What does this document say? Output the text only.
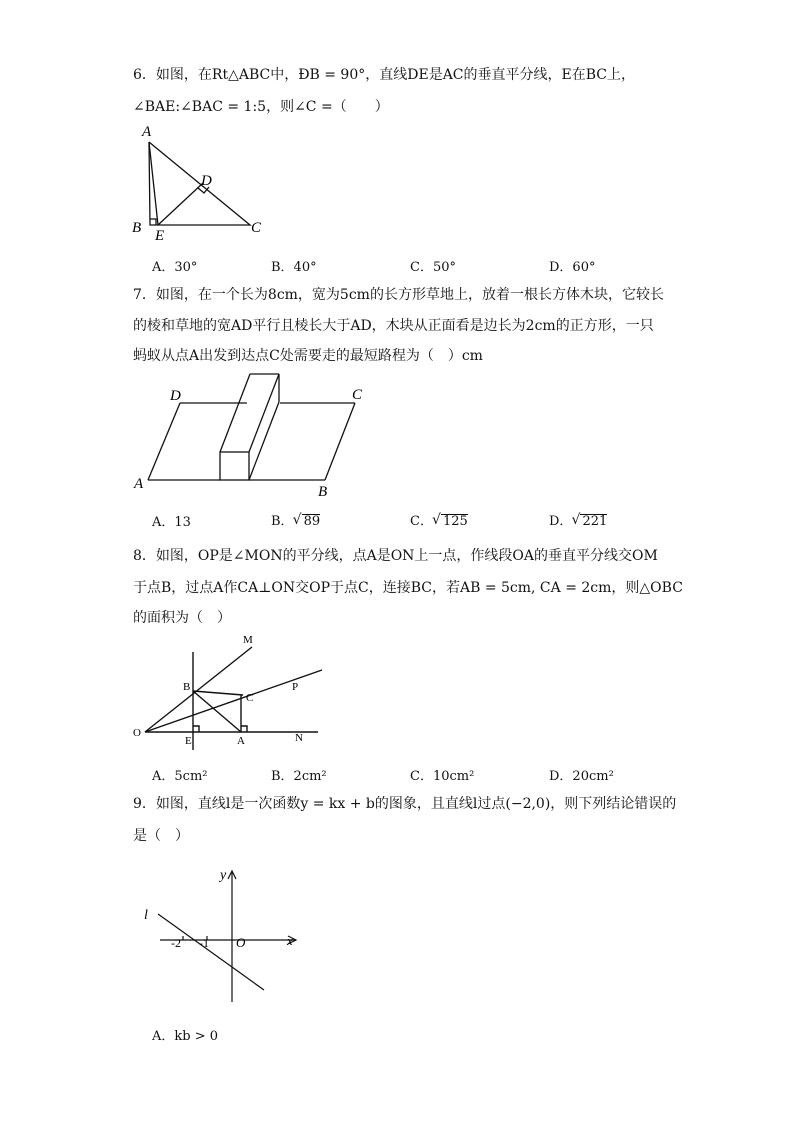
6．如图，在Rt△ABC中，ÐB = 90°，直线DE是AC的垂直平分线，E在BC上，
∠BAE:∠BAC = 1:5，则∠C =（　　）
A
B E
D
C
A．30°	B．40°	C．50°	D．60°
7．如图，在一个长为8cm，宽为5cm的长方形草地上，放着一根长方体木块，它较长
的棱和草地的宽AD平行且棱长大于AD，木块从正面看是边长为2cm的正方形，一只
蚂蚁从点A出发到达点C处需要走的最短路程为（　）cm
A	B
C
D
A．13	B． √ 89	C． √ 125	D． √ 221
8．如图，OP是∠MON的平分线，点A是ON上一点，作线段OA的垂直平分线交OM
于点B，过点A作CA⊥ON交OP于点C，连接BC，若AB = 5cm, CA = 2cm，则△OBC
的面积为（　）
M
P
B
C
O
E	A	N
A．5cm²	B．2cm²	C．10cm²	D．20cm²
9．如图，直线l是一次函数y = kx + b的图象，且直线l过点(−2,0)，则下列结论错误的
是（　）
y
x
l
O
-2 -1
A．kb > 0
